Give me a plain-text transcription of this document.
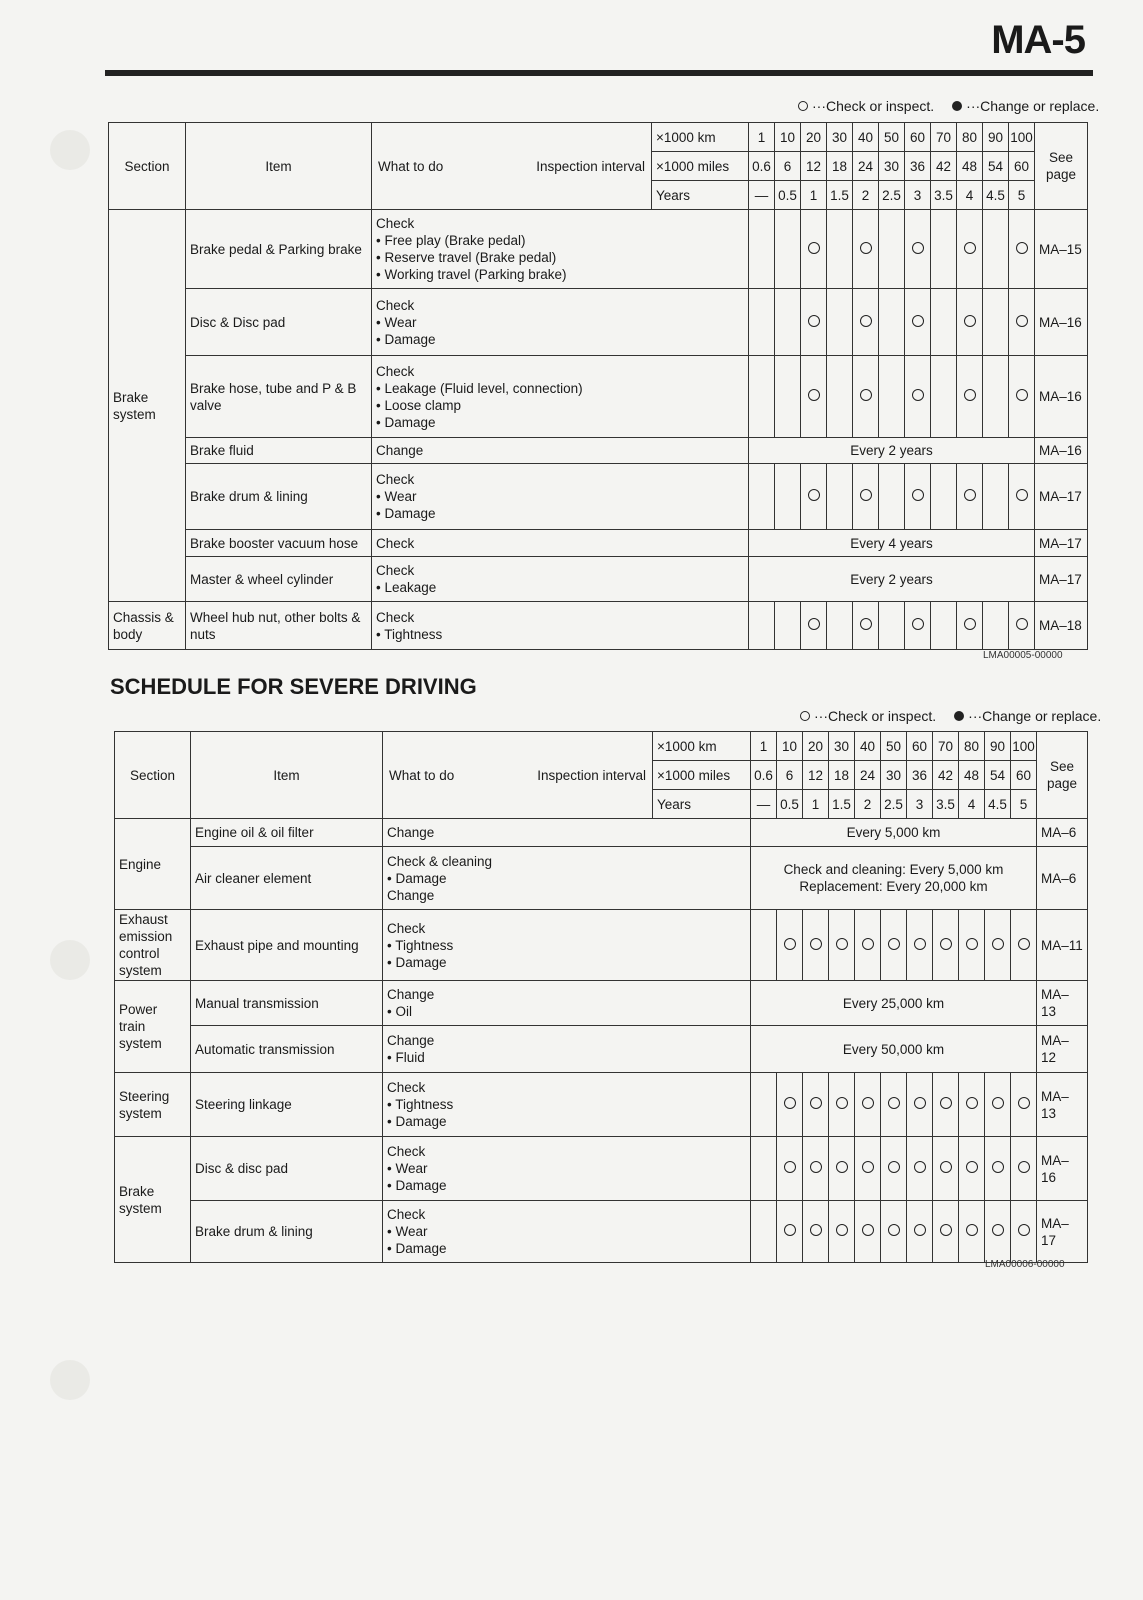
MA-5
···Check or inspect. ···Change or replace.
Section	Item	What to do Inspection interval	×1000 km	1	10	20	30	40	50	60	70	80	90	100	See page
			×1000 miles	0.6	6	12	18	24	30	36	42	48	54	60	
			Years	—	0.5	1	1.5	2	2.5	3	3.5	4	4.5	5	
Brake system	Brake pedal & Parking brake	Check
• Free play (Brake pedal)
• Reserve travel (Brake pedal)
• Working travel (Parking brake)													MA–15
	Disc & Disc pad	Check
• Wear
• Damage													MA–16
	Brake hose, tube and P & B valve	Check
• Leakage (Fluid level, connection)
• Loose clamp
• Damage													MA–16
	Brake fluid	Change		Every 2 years											MA–16
	Brake drum & lining	Check
• Wear
• Damage													MA–17
	Brake booster vacuum hose	Check		Every 4 years											MA–17
	Master & wheel cylinder	Check
• Leakage		Every 2 years											MA–17
Chassis & body	Wheel hub nut, other bolts & nuts	Check
• Tightness													MA–18
LMA00005-00000
SCHEDULE FOR SEVERE DRIVING
···Check or inspect. ···Change or replace.
Section	Item	What to do Inspection interval	×1000 km	1	10	20	30	40	50	60	70	80	90	100	See page
			×1000 miles	0.6	6	12	18	24	30	36	42	48	54	60	
			Years	—	0.5	1	1.5	2	2.5	3	3.5	4	4.5	5	
Engine	Engine oil & oil filter	Change		Every 5,000 km											MA–6
	Air cleaner element	Check & cleaning
• Damage
Change		Check and cleaning: Every 5,000 km
Replacement: Every 20,000 km											MA–6
Exhaust emission control system	Exhaust pipe and mounting	Check
• Tightness
• Damage													MA–11
Power train system	Manual transmission	Change
• Oil		Every 25,000 km											MA–13
	Automatic transmission	Change
• Fluid		Every 50,000 km											MA–12
Steering system	Steering linkage	Check
• Tightness
• Damage													MA–13
Brake system	Disc & disc pad	Check
• Wear
• Damage													MA–16
	Brake drum & lining	Check
• Wear
• Damage													MA–17
LMA00006-00000
